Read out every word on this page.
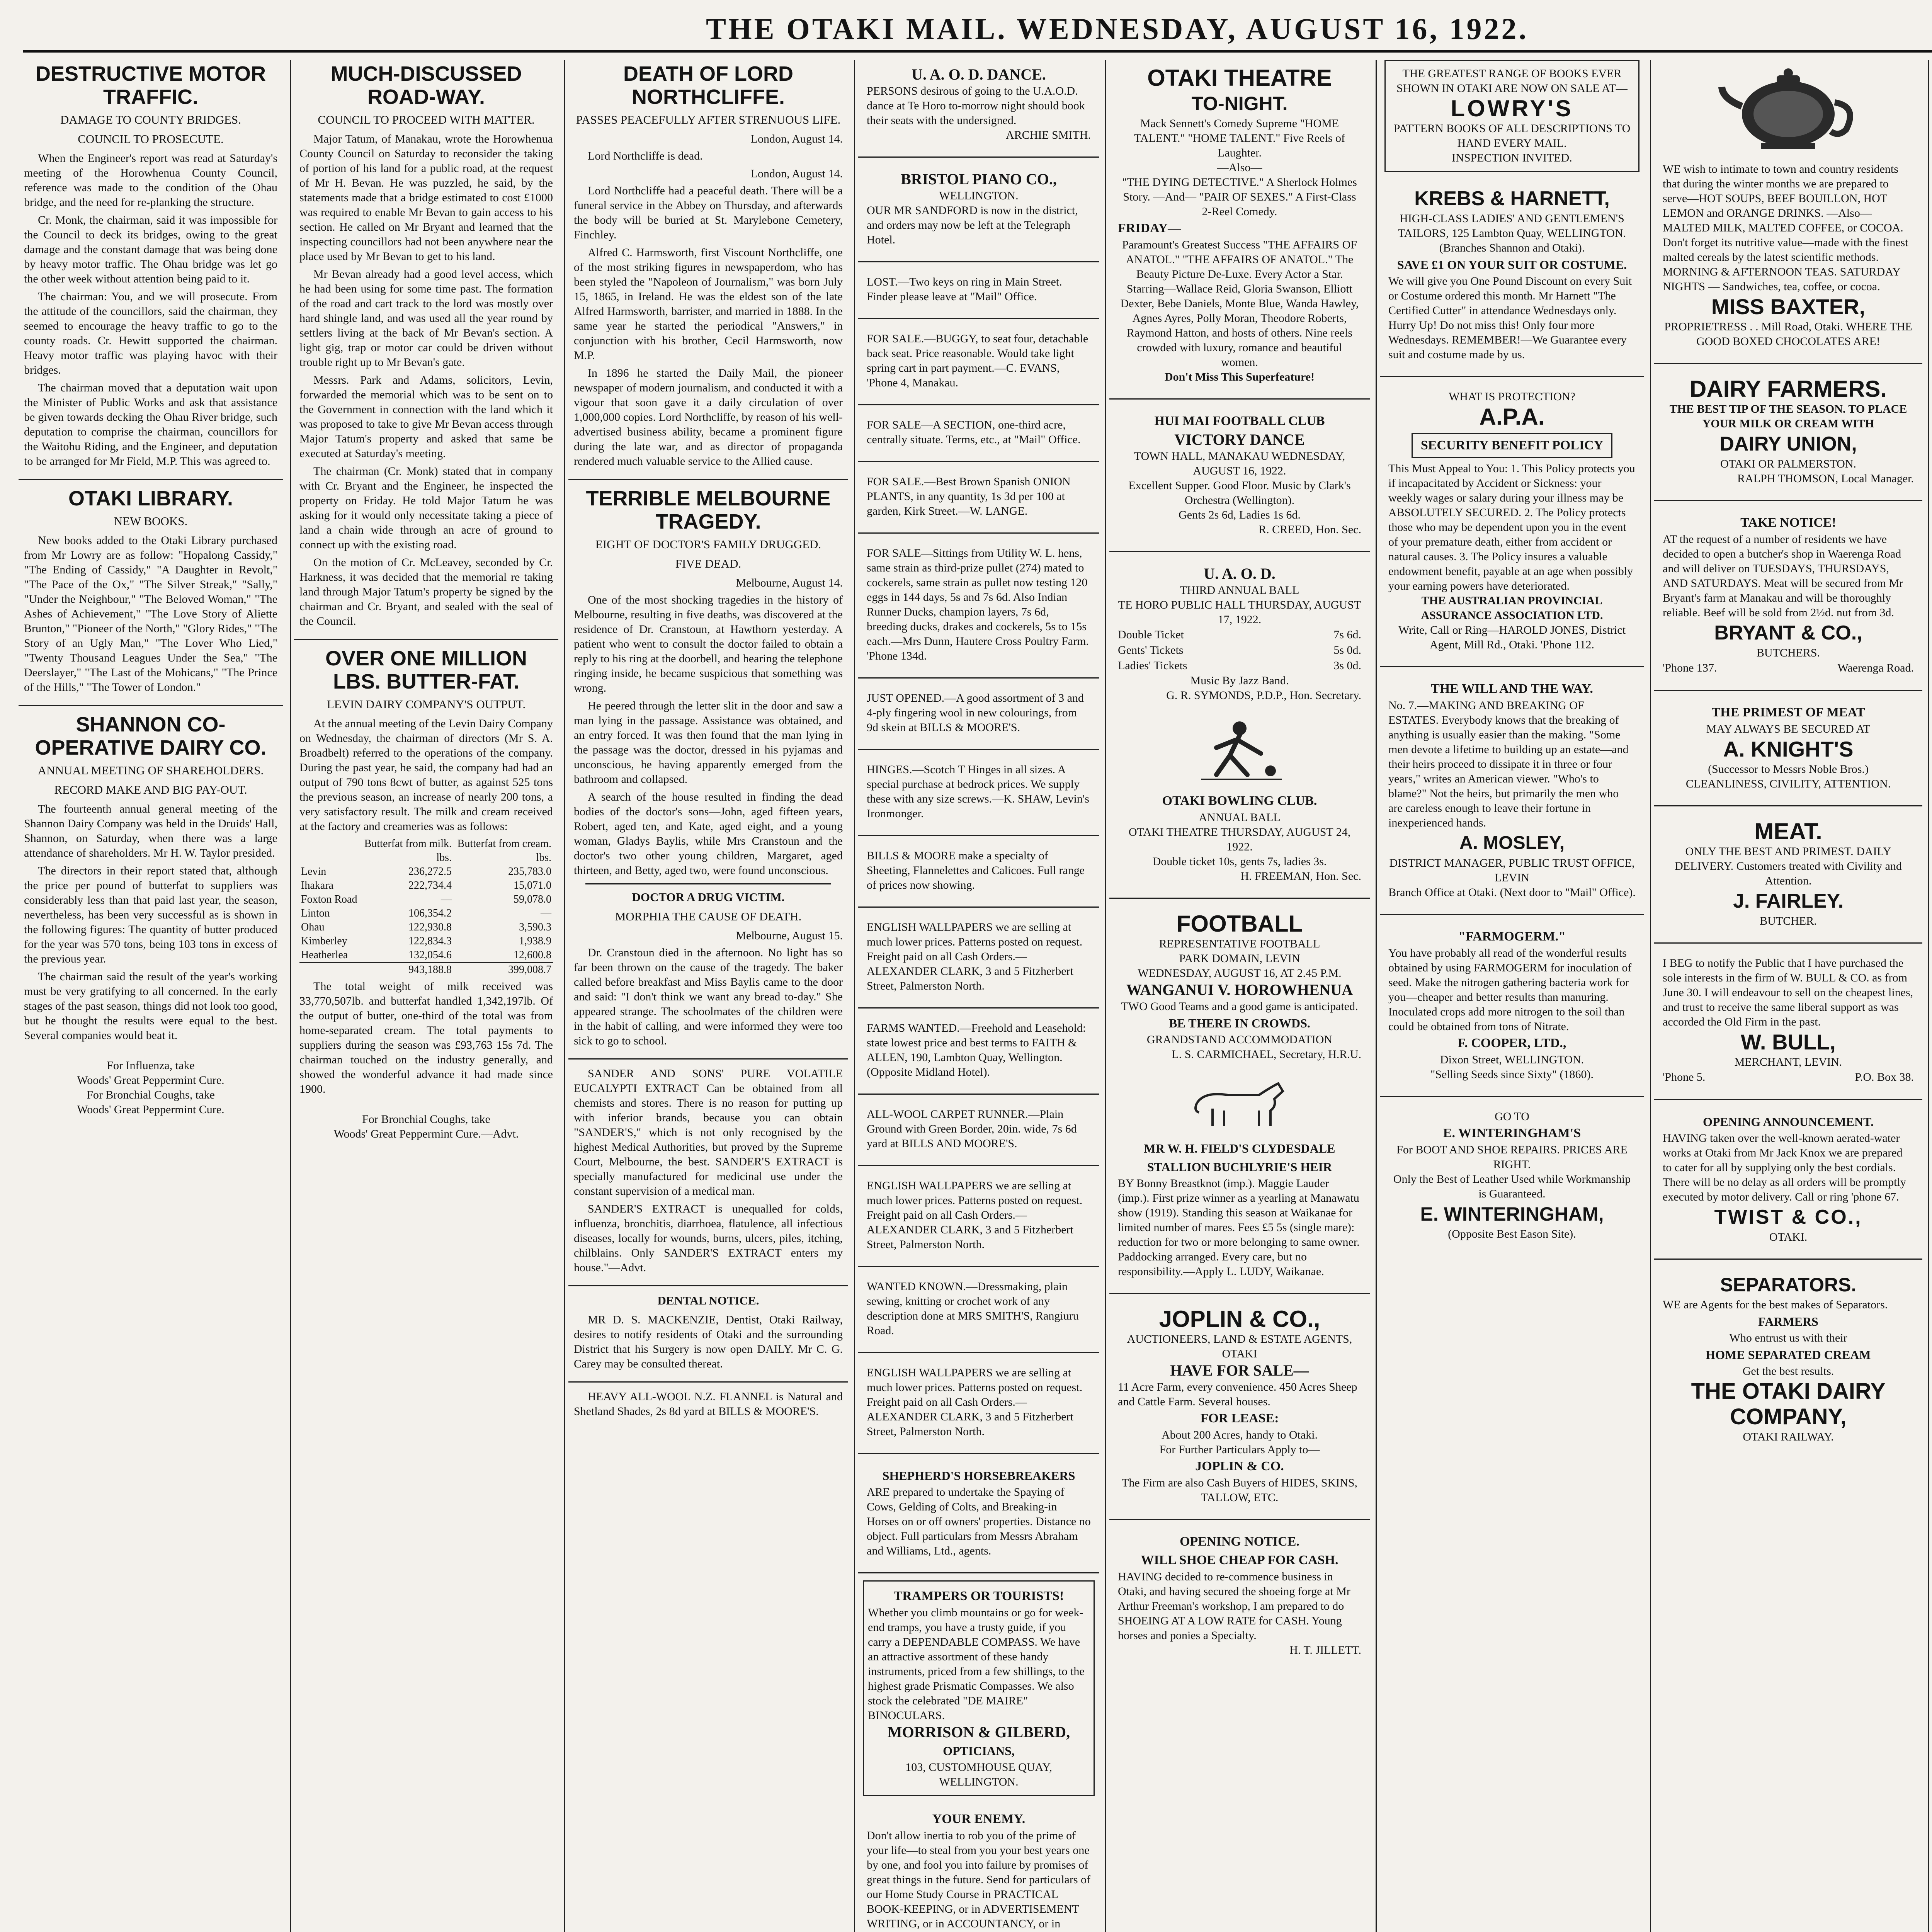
THE OTAKI MAIL. WEDNESDAY, AUGUST 16, 1922.
DESTRUCTIVE MOTOR TRAFFIC.
DAMAGE TO COUNTY BRIDGES.
COUNCIL TO PROSECUTE.

When the Engineer's report was read at Saturday's meeting of the Horowhenua County Council, reference was made to the condition of the Ohau bridge, and the need for re-planking the structure.

Cr. Monk, the chairman, said it was impossible for the Council to deck its bridges, owing to the great damage and the constant damage that was being done by heavy motor traffic. The Ohau bridge was let go the other week without attention being paid to it.

The chairman: You, and we will prosecute. From the attitude of the councillors, said the chairman, they seemed to encourage the heavy traffic to go to the county roads. Cr. Hewitt supported the chairman. Heavy motor traffic was playing havoc with their bridges.

The chairman moved that a deputation wait upon the Minister of Public Works and ask that assistance be given towards decking the Ohau River bridge, such deputation to comprise the chairman, councillors for the Waitohu Riding, and the Engineer, and deputation to be arranged for Mr Field, M.P. This was agreed to.

OTAKI LIBRARY.
NEW BOOKS.

New books added to the Otaki Library purchased from Mr Lowry are as follow: "Hopalong Cassidy," "The Ending of Cassidy," "A Daughter in Revolt," "The Pace of the Ox," "The Silver Streak," "Sally," "Under the Neighbour," "The Beloved Woman," "The Ashes of Achievement," "The Love Story of Aliette Brunton," "Pioneer of the North," "Glory Rides," "The Story of an Ugly Man," "The Lover Who Lied," "Twenty Thousand Leagues Under the Sea," "The Deerslayer," "The Last of the Mohicans," "The Prince of the Hills," "The Tower of London."

SHANNON CO-OPERATIVE DAIRY CO.
ANNUAL MEETING OF SHAREHOLDERS.
RECORD MAKE AND BIG PAY-OUT.

The fourteenth annual general meeting of the Shannon Dairy Company was held in the Druids' Hall, Shannon, on Saturday, when there was a large attendance of shareholders. Mr H. W. Taylor presided.

The directors in their report stated that, although the price per pound of butterfat to suppliers was considerably less than that paid last year, the season, nevertheless, has been very successful as is shown in the following figures: The quantity of butter produced for the year was 570 tons, being 103 tons in excess of the previous year.

The chairman said the result of the year's working must be very gratifying to all concerned. In the early stages of the past season, things did not look too good, but he thought the results were equal to the best. Several companies would beat it.

For Influenza, take
Woods' Great Peppermint Cure.
For Bronchial Coughs, take
Woods' Great Peppermint Cure.
MUCH-DISCUSSED ROAD-WAY.
COUNCIL TO PROCEED WITH MATTER.

Major Tatum, of Manakau, wrote the Horowhenua County Council on Saturday to reconsider the taking of portion of his land for a public road, at the request of Mr H. Bevan. He was puzzled, he said, by the statements made that a bridge estimated to cost £1000 was required to enable Mr Bevan to gain access to his section. He called on Mr Bryant and learned that the inspecting councillors had not been anywhere near the place used by Mr Bevan to get to his land.

Mr Bevan already had a good level access, which he had been using for some time past. The formation of the road and cart track to the lord was mostly over hard shingle land, and was used all the year round by settlers living at the back of Mr Bevan's section. A light gig, trap or motor car could be driven without trouble right up to Mr Bevan's gate.

Messrs. Park and Adams, solicitors, Levin, forwarded the memorial which was to be sent on to the Government in connection with the land which it was proposed to take to give Mr Bevan access through Major Tatum's property and asked that same be executed at Saturday's meeting.

The chairman (Cr. Monk) stated that in company with Cr. Bryant and the Engineer, he inspected the property on Friday. He told Major Tatum he was asking for it would only necessitate taking a piece of land a chain wide through an acre of ground to connect up with the existing road.

On the motion of Cr. McLeavey, seconded by Cr. Harkness, it was decided that the memorial re taking land through Major Tatum's property be signed by the chairman and Cr. Bryant, and sealed with the seal of the Council.

OVER ONE MILLION LBS. BUTTER-FAT.
LEVIN DAIRY COMPANY'S OUTPUT.

At the annual meeting of the Levin Dairy Company on Wednesday, the chairman of directors (Mr S. A. Broadbelt) referred to the operations of the company. During the past year, he said, the company had had an output of 790 tons 8cwt of butter, as against 525 tons the previous season, an increase of nearly 200 tons, a very satisfactory result. The milk and cream received at the factory and creameries was as follows:

	Butterfat from milk.	Butterfat from cream.
	lbs.	lbs.
Levin	236,272.5	235,783.0
Ihakara	222,734.4	15,071.0
Foxton Road	—	59,078.0
Linton	106,354.2	—
Ohau	122,930.8	3,590.3
Kimberley	122,834.3	1,938.9
Heatherlea	132,054.6	12,600.8
	943,188.8	399,008.7

The total weight of milk received was 33,770,507lb. and butterfat handled 1,342,197lb. Of the output of butter, one-third of the total was from home-separated cream. The total payments to suppliers during the season was £93,763 15s 7d. The chairman touched on the industry generally, and showed the wonderful advance it had made since 1900.

For Bronchial Coughs, take
Woods' Great Peppermint Cure.—Advt.
DEATH OF LORD NORTHCLIFFE.
PASSES PEACEFULLY AFTER STRENUOUS LIFE.
London, August 14.

Lord Northcliffe is dead.

London, August 14.

Lord Northcliffe had a peaceful death. There will be a funeral service in the Abbey on Thursday, and afterwards the body will be buried at St. Marylebone Cemetery, Finchley.

Alfred C. Harmsworth, first Viscount Northcliffe, one of the most striking figures in newspaperdom, who has been styled the "Napoleon of Journalism," was born July 15, 1865, in Ireland. He was the eldest son of the late Alfred Harmsworth, barrister, and married in 1888. In the same year he started the periodical "Answers," in conjunction with his brother, Cecil Harmsworth, now M.P.

In 1896 he started the Daily Mail, the pioneer newspaper of modern journalism, and conducted it with a vigour that soon gave it a daily circulation of over 1,000,000 copies. Lord Northcliffe, by reason of his well-advertised business ability, became a prominent figure during the late war, and as director of propaganda rendered much valuable service to the Allied cause.

TERRIBLE MELBOURNE TRAGEDY.
EIGHT OF DOCTOR'S FAMILY DRUGGED.
FIVE DEAD.
Melbourne, August 14.

One of the most shocking tragedies in the history of Melbourne, resulting in five deaths, was discovered at the residence of Dr. Cranstoun, at Hawthorn yesterday. A patient who went to consult the doctor failed to obtain a reply to his ring at the doorbell, and hearing the telephone ringing inside, he became suspicious that something was wrong.

He peered through the letter slit in the door and saw a man lying in the passage. Assistance was obtained, and an entry forced. It was then found that the man lying in the passage was the doctor, dressed in his pyjamas and unconscious, he having apparently emerged from the bathroom and collapsed.

A search of the house resulted in finding the dead bodies of the doctor's sons—John, aged fifteen years, Robert, aged ten, and Kate, aged eight, and a young woman, Gladys Baylis, while Mrs Cranstoun and the doctor's two other young children, Margaret, aged thirteen, and Betty, aged two, were found unconscious.

DOCTOR A DRUG VICTIM.
MORPHIA THE CAUSE OF DEATH.
Melbourne, August 15.

Dr. Cranstoun died in the afternoon. No light has so far been thrown on the cause of the tragedy. The baker called before breakfast and Miss Baylis came to the door and said: "I don't think we want any bread to-day." She appeared strange. The schoolmates of the children were in the habit of calling, and were informed they were too sick to go to school.

SANDER AND SONS' PURE VOLATILE EUCALYPTI EXTRACT Can be obtained from all chemists and stores. There is no reason for putting up with inferior brands, because you can obtain "SANDER'S," which is not only recognised by the highest Medical Authorities, but proved by the Supreme Court, Melbourne, the best. SANDER'S EXTRACT is specially manufactured for medicinal use under the constant supervision of a medical man.

SANDER'S EXTRACT is unequalled for colds, influenza, bronchitis, diarrhoea, flatulence, all infectious diseases, locally for wounds, burns, ulcers, piles, itching, chilblains. Only SANDER'S EXTRACT enters my house."—Advt.

DENTAL NOTICE.

MR D. S. MACKENZIE, Dentist, Otaki Railway, desires to notify residents of Otaki and the surrounding District that his Surgery is now open DAILY. Mr C. G. Carey may be consulted thereat.

HEAVY ALL-WOOL N.Z. FLANNEL is Natural and Shetland Shades, 2s 8d yard at BILLS & MOORE'S.

U. A. O. D. DANCE.
PERSONS desirous of going to the U.A.O.D. dance at Te Horo to-morrow night should book their seats with the undersigned.
ARCHIE SMITH.
BRISTOL PIANO CO.,
WELLINGTON.
OUR MR SANDFORD is now in the district, and orders may now be left at the Telegraph Hotel.
LOST.—Two keys on ring in Main Street. Finder please leave at "Mail" Office.
FOR SALE.—BUGGY, to seat four, detachable back seat. Price reasonable. Would take light spring cart in part payment.—C. EVANS, 'Phone 4, Manakau.
FOR SALE—A SECTION, one-third acre, centrally situate. Terms, etc., at "Mail" Office.
FOR SALE.—Best Brown Spanish ONION PLANTS, in any quantity, 1s 3d per 100 at garden, Kirk Street.—W. LANGE.
FOR SALE—Sittings from Utility W. L. hens, same strain as third-prize pullet (274) mated to cockerels, same strain as pullet now testing 120 eggs in 144 days, 5s and 7s 6d. Also Indian Runner Ducks, champion layers, 7s 6d, breeding ducks, drakes and cockerels, 5s to 15s each.—Mrs Dunn, Hautere Cross Poultry Farm. 'Phone 134d.
JUST OPENED.—A good assortment of 3 and 4-ply fingering wool in new colourings, from 9d skein at BILLS & MOORE'S.
HINGES.—Scotch T Hinges in all sizes. A special purchase at bedrock prices. We supply these with any size screws.—K. SHAW, Levin's Ironmonger.
BILLS & MOORE make a specialty of Sheeting, Flannelettes and Calicoes. Full range of prices now showing.
ENGLISH WALLPAPERS we are selling at much lower prices. Patterns posted on request. Freight paid on all Cash Orders.—ALEXANDER CLARK, 3 and 5 Fitzherbert Street, Palmerston North.
FARMS WANTED.—Freehold and Leasehold: state lowest price and best terms to FAITH & ALLEN, 190, Lambton Quay, Wellington. (Opposite Midland Hotel).
ALL-WOOL CARPET RUNNER.—Plain Ground with Green Border, 20in. wide, 7s 6d yard at BILLS AND MOORE'S.
ENGLISH WALLPAPERS we are selling at much lower prices. Patterns posted on request. Freight paid on all Cash Orders.—ALEXANDER CLARK, 3 and 5 Fitzherbert Street, Palmerston North.
WANTED KNOWN.—Dressmaking, plain sewing, knitting or crochet work of any description done at MRS SMITH'S, Rangiuru Road.
ENGLISH WALLPAPERS we are selling at much lower prices. Patterns posted on request. Freight paid on all Cash Orders.—ALEXANDER CLARK, 3 and 5 Fitzherbert Street, Palmerston North.
SHEPHERD'S HORSEBREAKERS
ARE prepared to undertake the Spaying of Cows, Gelding of Colts, and Breaking-in Horses on or off owners' properties. Distance no object. Full particulars from Messrs Abraham and Williams, Ltd., agents.
TRAMPERS OR TOURISTS!
Whether you climb mountains or go for week-end tramps, you have a trusty guide, if you carry a DEPENDABLE COMPASS. We have an attractive assortment of these handy instruments, priced from a few shillings, to the highest grade Prismatic Compasses. We also stock the celebrated "DE MAIRE" BINOCULARS.
MORRISON & GILBERD,
OPTICIANS,
103, CUSTOMHOUSE QUAY, WELLINGTON.
YOUR ENEMY.
Don't allow inertia to rob you of the prime of your life—to steal from you your best years one by one, and fool you into failure by promises of great things in the future. Send for particulars of our Home Study Course in PRACTICAL BOOK-KEEPING, or in ADVERTISEMENT WRITING, or in ACCOUNTANCY, or in
OTAKI THEATRE
TO-NIGHT.
Mack Sennett's Comedy Supreme "HOME TALENT." "HOME TALENT." Five Reels of Laughter.
—Also—
"THE DYING DETECTIVE." A Sherlock Holmes Story. —And— "PAIR OF SEXES." A First-Class 2-Reel Comedy.
FRIDAY—
Paramount's Greatest Success "THE AFFAIRS OF ANATOL." "THE AFFAIRS OF ANATOL." The Beauty Picture De-Luxe. Every Actor a Star. Starring—Wallace Reid, Gloria Swanson, Elliott Dexter, Bebe Daniels, Monte Blue, Wanda Hawley, Agnes Ayres, Polly Moran, Theodore Roberts, Raymond Hatton, and hosts of others. Nine reels crowded with luxury, romance and beautiful women.
Don't Miss This Superfeature!
HUI MAI FOOTBALL CLUB
VICTORY DANCE
TOWN HALL, MANAKAU WEDNESDAY, AUGUST 16, 1922.
Excellent Supper. Good Floor. Music by Clark's Orchestra (Wellington).
Gents 2s 6d, Ladies 1s 6d.
R. CREED, Hon. Sec.
U. A. O. D.
THIRD ANNUAL BALL
TE HORO PUBLIC HALL THURSDAY, AUGUST 17, 1922.
Double Ticket	7s 6d.
Gents' Tickets	5s 0d.
Ladies' Tickets	3s 0d.
Music By Jazz Band.
G. R. SYMONDS, P.D.P., Hon. Secretary.
OTAKI BOWLING CLUB.
ANNUAL BALL
OTAKI THEATRE THURSDAY, AUGUST 24, 1922.
Double ticket 10s, gents 7s, ladies 3s.
H. FREEMAN, Hon. Sec.
FOOTBALL
REPRESENTATIVE FOOTBALL
PARK DOMAIN, LEVIN
WEDNESDAY, AUGUST 16, AT 2.45 P.M.
WANGANUI V. HOROWHENUA
TWO Good Teams and a good game is anticipated.
BE THERE IN CROWDS.
GRANDSTAND ACCOMMODATION
L. S. CARMICHAEL, Secretary, H.R.U.
MR W. H. FIELD'S CLYDESDALE STALLION BUCHLYRIE'S HEIR
BY Bonny Breastknot (imp.). Maggie Lauder (imp.). First prize winner as a yearling at Manawatu show (1919). Standing this season at Waikanae for limited number of mares. Fees £5 5s (single mare): reduction for two or more belonging to same owner. Paddocking arranged. Every care, but no responsibility.—Apply L. LUDY, Waikanae.
JOPLIN & CO.,
AUCTIONEERS, LAND & ESTATE AGENTS, OTAKI
HAVE FOR SALE—
11 Acre Farm, every convenience. 450 Acres Sheep and Cattle Farm. Several houses.
FOR LEASE:
About 200 Acres, handy to Otaki.
For Further Particulars Apply to—
JOPLIN & CO.
The Firm are also Cash Buyers of HIDES, SKINS, TALLOW, ETC.
OPENING NOTICE.
WILL SHOE CHEAP FOR CASH.
HAVING decided to re-commence business in Otaki, and having secured the shoeing forge at Mr Arthur Freeman's workshop, I am prepared to do SHOEING AT A LOW RATE for CASH. Young horses and ponies a Specialty.
H. T. JILLETT.
THE GREATEST RANGE OF BOOKS EVER SHOWN IN OTAKI ARE NOW ON SALE AT—
LOWRY'S
PATTERN BOOKS OF ALL DESCRIPTIONS TO HAND EVERY MAIL.
INSPECTION INVITED.
KREBS & HARNETT,
HIGH-CLASS LADIES' AND GENTLEMEN'S TAILORS, 125 Lambton Quay, WELLINGTON.
(Branches Shannon and Otaki).
SAVE £1 ON YOUR SUIT OR COSTUME.
We will give you One Pound Discount on every Suit or Costume ordered this month. Mr Harnett "The Certified Cutter" in attendance Wednesdays only. Hurry Up! Do not miss this! Only four more Wednesdays. REMEMBER!—We Guarantee every suit and costume made by us.
WHAT IS PROTECTION?
A.P.A.
SECURITY BENEFIT POLICY
This Must Appeal to You: 1. This Policy protects you if incapacitated by Accident or Sickness: your weekly wages or salary during your illness may be ABSOLUTELY SECURED. 2. The Policy protects those who may be dependent upon you in the event of your premature death, either from accident or natural causes. 3. The Policy insures a valuable endowment benefit, payable at an age when possibly your earning powers have deteriorated.
THE AUSTRALIAN PROVINCIAL ASSURANCE ASSOCIATION LTD.
Write, Call or Ring—HAROLD JONES, District Agent, Mill Rd., Otaki. 'Phone 112.
THE WILL AND THE WAY.
No. 7.—MAKING AND BREAKING OF ESTATES. Everybody knows that the breaking of anything is usually easier than the making. "Some men devote a lifetime to building up an estate—and their heirs proceed to dissipate it in three or four years," writes an American viewer. "Who's to blame?" Not the heirs, but primarily the men who are careless enough to leave their fortune in inexperienced hands.
A. MOSLEY,
DISTRICT MANAGER, PUBLIC TRUST OFFICE, LEVIN
Branch Office at Otaki. (Next door to "Mail" Office).
"FARMOGERM."
You have probably all read of the wonderful results obtained by using FARMOGERM for inoculation of seed. Make the nitrogen gathering bacteria work for you—cheaper and better results than manuring. Inoculated crops add more nitrogen to the soil than could be obtained from tons of Nitrate.
F. COOPER, LTD.,
Dixon Street, WELLINGTON.
"Selling Seeds since Sixty" (1860).
GO TO
E. WINTERINGHAM'S
For BOOT AND SHOE REPAIRS. PRICES ARE RIGHT.
Only the Best of Leather Used while Workmanship is Guaranteed.
E. WINTERINGHAM,
(Opposite Best Eason Site).
WE wish to intimate to town and country residents that during the winter months we are prepared to serve—HOT SOUPS, BEEF BOUILLON, HOT LEMON and ORANGE DRINKS. —Also— MALTED MILK, MALTED COFFEE, or COCOA.
Don't forget its nutritive value—made with the finest malted cereals by the latest scientific methods. MORNING & AFTERNOON TEAS. SATURDAY NIGHTS — Sandwiches, tea, coffee, or cocoa.
MISS BAXTER,
PROPRIETRESS . . Mill Road, Otaki. WHERE THE GOOD BOXED CHOCOLATES ARE!
DAIRY FARMERS.
THE BEST TIP OF THE SEASON. TO PLACE YOUR MILK OR CREAM WITH
DAIRY UNION,
OTAKI OR PALMERSTON.
RALPH THOMSON, Local Manager.
TAKE NOTICE!
AT the request of a number of residents we have decided to open a butcher's shop in Waerenga Road and will deliver on TUESDAYS, THURSDAYS, AND SATURDAYS. Meat will be secured from Mr Bryant's farm at Manakau and will be thoroughly reliable. Beef will be sold from 2½d. nut from 3d.
BRYANT & CO.,
BUTCHERS.
'Phone 137.	Waerenga Road.
THE PRIMEST OF MEAT
MAY ALWAYS BE SECURED AT
A. KNIGHT'S
(Successor to Messrs Noble Bros.)
CLEANLINESS, CIVILITY, ATTENTION.
MEAT.
ONLY THE BEST AND PRIMEST. DAILY DELIVERY. Customers treated with Civility and Attention.
J. FAIRLEY.
BUTCHER.
I BEG to notify the Public that I have purchased the sole interests in the firm of W. BULL & CO. as from June 30. I will endeavour to sell on the cheapest lines, and trust to receive the same liberal support as was accorded the Old Firm in the past.
W. BULL,
MERCHANT, LEVIN.
'Phone 5.	P.O. Box 38.
OPENING ANNOUNCEMENT.
HAVING taken over the well-known aerated-water works at Otaki from Mr Jack Knox we are prepared to cater for all by supplying only the best cordials. There will be no delay as all orders will be promptly executed by motor delivery. Call or ring 'phone 67.
TWIST & CO.,
OTAKI.
SEPARATORS.
WE are Agents for the best makes of Separators.
FARMERS
Who entrust us with their
HOME SEPARATED CREAM
Get the best results.
THE OTAKI DAIRY COMPANY,
OTAKI RAILWAY.
